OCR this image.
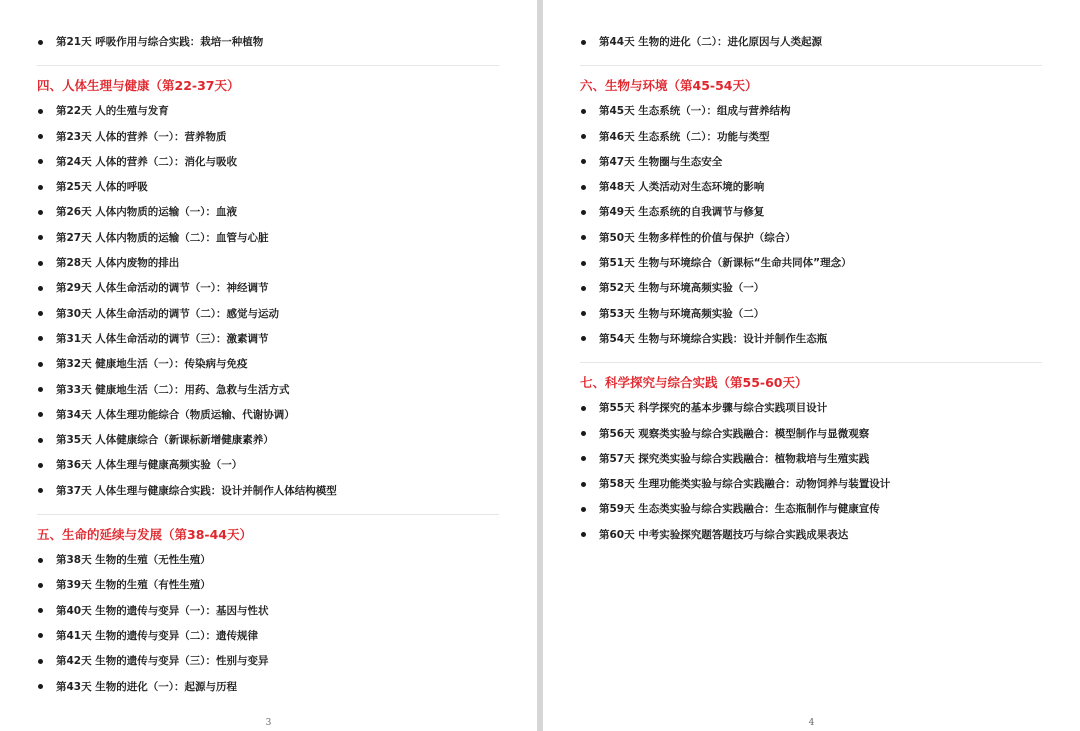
第21天 呼吸作用与综合实践：栽培一种植物
四、人体生理与健康（第22-37天）
第22天 人的生殖与发育
第23天 人体的营养（一）：营养物质
第24天 人体的营养（二）：消化与吸收
第25天 人体的呼吸
第26天 人体内物质的运输（一）：血液
第27天 人体内物质的运输（二）：血管与心脏
第28天 人体内废物的排出
第29天 人体生命活动的调节（一）：神经调节
第30天 人体生命活动的调节（二）：感觉与运动
第31天 人体生命活动的调节（三）：激素调节
第32天 健康地生活（一）：传染病与免疫
第33天 健康地生活（二）：用药、急救与生活方式
第34天 人体生理功能综合（物质运输、代谢协调）
第35天 人体健康综合（新课标新增健康素养）
第36天 人体生理与健康高频实验（一）
第37天 人体生理与健康综合实践：设计并制作人体结构模型
五、生命的延续与发展（第38-44天）
第38天 生物的生殖（无性生殖）
第39天 生物的生殖（有性生殖）
第40天 生物的遗传与变异（一）：基因与性状
第41天 生物的遗传与变异（二）：遗传规律
第42天 生物的遗传与变异（三）：性别与变异
第43天 生物的进化（一）：起源与历程
3
第44天 生物的进化（二）：进化原因与人类起源
六、生物与环境（第45-54天）
第45天 生态系统（一）：组成与营养结构
第46天 生态系统（二）：功能与类型
第47天 生物圈与生态安全
第48天 人类活动对生态环境的影响
第49天 生态系统的自我调节与修复
第50天 生物多样性的价值与保护（综合）
第51天 生物与环境综合（新课标“生命共同体”理念）
第52天 生物与环境高频实验（一）
第53天 生物与环境高频实验（二）
第54天 生物与环境综合实践：设计并制作生态瓶
七、科学探究与综合实践（第55-60天）
第55天 科学探究的基本步骤与综合实践项目设计
第56天 观察类实验与综合实践融合：模型制作与显微观察
第57天 探究类实验与综合实践融合：植物栽培与生殖实践
第58天 生理功能类实验与综合实践融合：动物饲养与装置设计
第59天 生态类实验与综合实践融合：生态瓶制作与健康宣传
第60天 中考实验探究题答题技巧与综合实践成果表达
4
